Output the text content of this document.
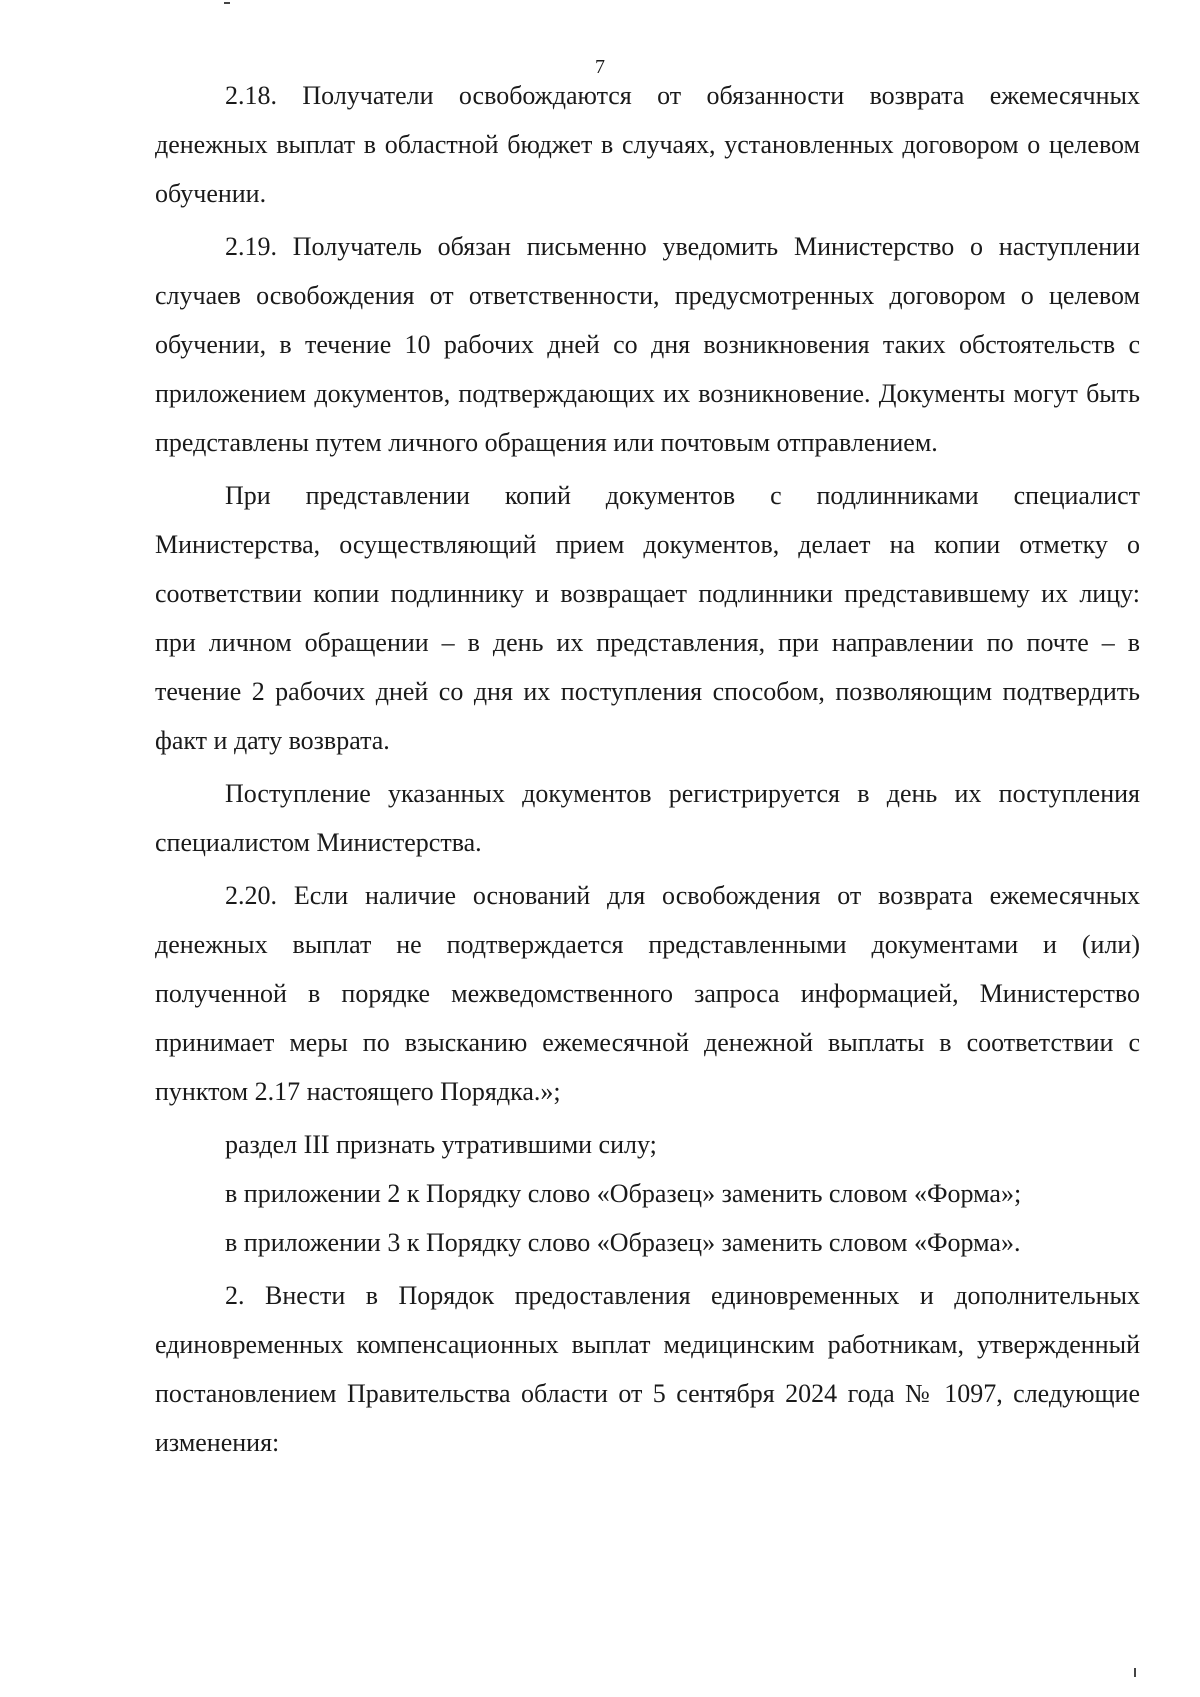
7

2.18. Получатели освобождаются от обязанности возврата ежемесячных денежных выплат в областной бюджет в случаях, установленных договором о целевом обучении.

2.19. Получатель обязан письменно уведомить Министерство о наступлении случаев освобождения от ответственности, предусмотренных договором о целевом обучении, в течение 10 рабочих дней со дня возникновения таких обстоятельств с приложением документов, подтверждающих их возникновение. Документы могут быть представлены путем личного обращения или почтовым отправлением.

При представлении копий документов с подлинниками специалист Министерства, осуществляющий прием документов, делает на копии отметку о соответствии копии подлиннику и возвращает подлинники представившему их лицу: при личном обращении – в день их представления, при направлении по почте – в течение 2 рабочих дней со дня их поступления способом, позволяющим подтвердить факт и дату возврата.

Поступление указанных документов регистрируется в день их поступления специалистом Министерства.

2.20. Если наличие оснований для освобождения от возврата ежемесячных денежных выплат не подтверждается представленными документами и (или) полученной в порядке межведомственного запроса информацией, Министерство принимает меры по взысканию ежемесячной денежной выплаты в соответствии с пунктом 2.17 настоящего Порядка.»;

раздел III признать утратившими силу;

в приложении 2 к Порядку слово «Образец» заменить словом «Форма»;

в приложении 3 к Порядку слово «Образец» заменить словом «Форма».

2. Внести в Порядок предоставления единовременных и дополнительных единовременных компенсационных выплат медицинским работникам, утвержденный постановлением Правительства области от 5 сентября 2024 года № 1097, следующие изменения:
